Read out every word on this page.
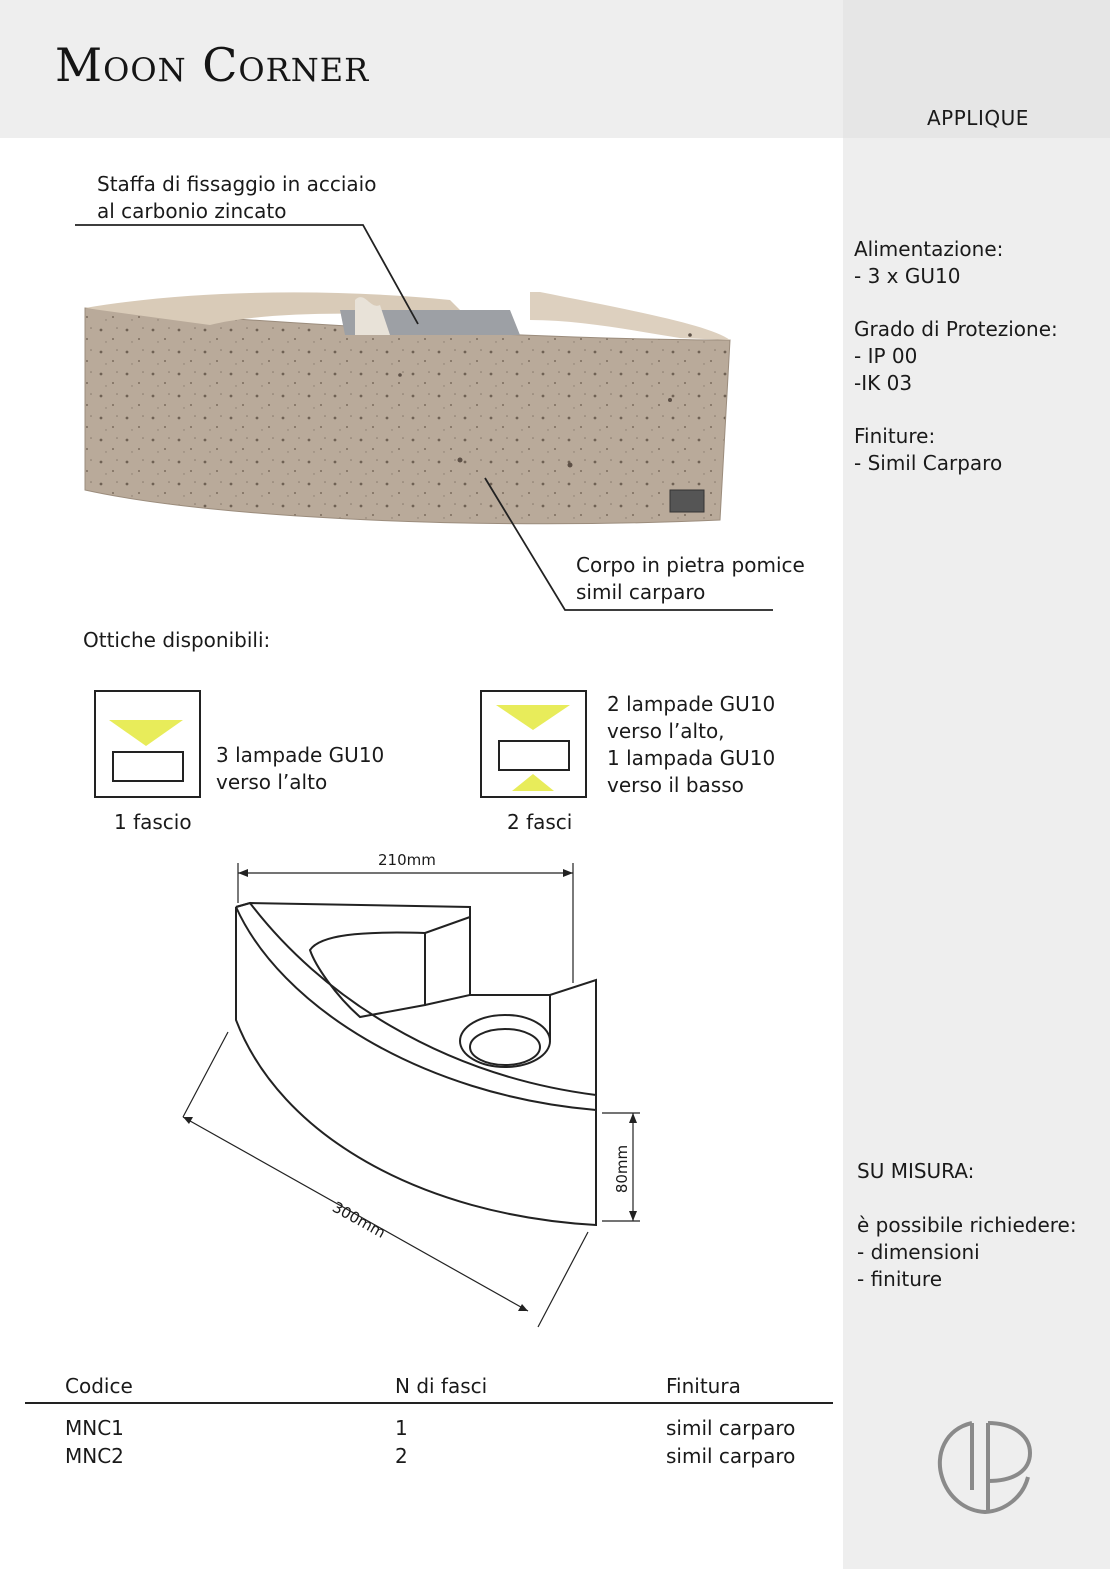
Moon Corner
APPLIQUE
Alimentazione:
- 3 x GU10
Grado di Protezione:
- IP 00
-IK 03
Finiture:
- Simil Carparo
SU MISURA:
è possibile richiedere:
- dimensioni
- finiture
Staffa di fissaggio in acciaio
al carbonio zincato
Corpo in pietra pomice
simil carparo
Ottiche disponibili:
3 lampade GU10
verso l’alto
1 fascio
2 lampade GU10
verso l’alto,
1 lampada GU10
verso il basso
2 fasci
210mm
300mm
80mm
Codice	N di fasci	Finitura
MNC1	1	simil carparo
MNC2	2	simil carparo
